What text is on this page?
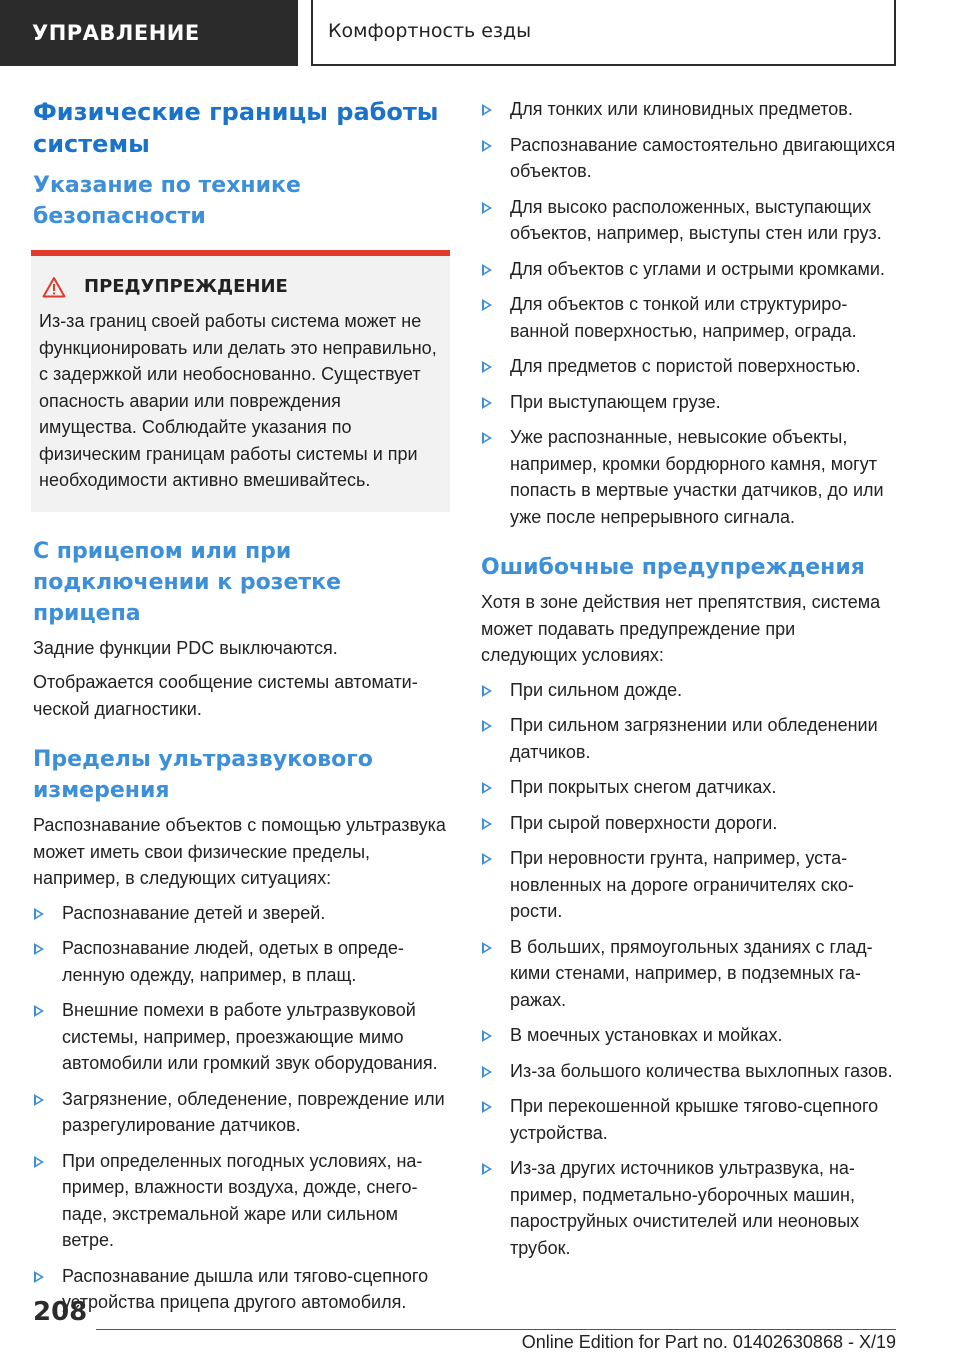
УПРАВЛЕНИЕ	Комфортность езды
Физические границы работы системы
Указание по технике безопасности
ПРЕДУПРЕЖДЕНИЕ

Из-за границ своей работы система может не функционировать или делать это неправильно, с задержкой или необоснованно. Существует опасность аварии или повреждения имущества. Соблюдайте указания по физическим границам работы системы и при необходимости активно вмешивайтесь.

С прицепом или при подключении к розетке прицепа

Задние функции PDC выключаются.

Отображается сообщение системы автоматической диагностики.

Пределы ультразвукового измерения

Распознавание объектов с помощью ультразвука может иметь свои физические пределы, например, в следующих ситуациях:

Распознавание детей и зверей.
Распознавание людей, одетых в определенную одежду, например, в плащ.
Внешние помехи в работе ультразвуковой системы, например, проезжающие мимо автомобили или громкий звук оборудования.
Загрязнение, обледенение, повреждение или разрегулирование датчиков.
При определенных погодных условиях, например, влажности воздуха, дожде, снегопаде, экстремальной жаре или сильном ветре.
Распознавание дышла или тягово-сцепного устройства прицепа другого автомобиля.
Для тонких или клиновидных предметов.
Распознавание самостоятельно двигающихся объектов.
Для высоко расположенных, выступающих объектов, например, выступы стен или груз.
Для объектов с углами и острыми кромками.
Для объектов с тонкой или структурированной поверхностью, например, ограда.
Для предметов с пористой поверхностью.
При выступающем грузе.
Уже распознанные, невысокие объекты, например, кромки бордюрного камня, могут попасть в мертвые участки датчиков, до или уже после непрерывного сигнала.
Ошибочные предупреждения

Хотя в зоне действия нет препятствия, система может подавать предупреждение при следующих условиях:

При сильном дожде.
При сильном загрязнении или обледенении датчиков.
При покрытых снегом датчиках.
При сырой поверхности дороги.
При неровности грунта, например, установленных на дороге ограничителях скорости.
В больших, прямоугольных зданиях с гладкими стенами, например, в подземных гаражах.
В моечных установках и мойках.
Из-за большого количества выхлопных газов.
При перекошенной крышке тягово-сцепного устройства.
Из-за других источников ультразвука, например, подметально-уборочных машин, пароструйных очистителей или неоновых трубок.
208
Online Edition for Part no. 01402630868 - X/19
